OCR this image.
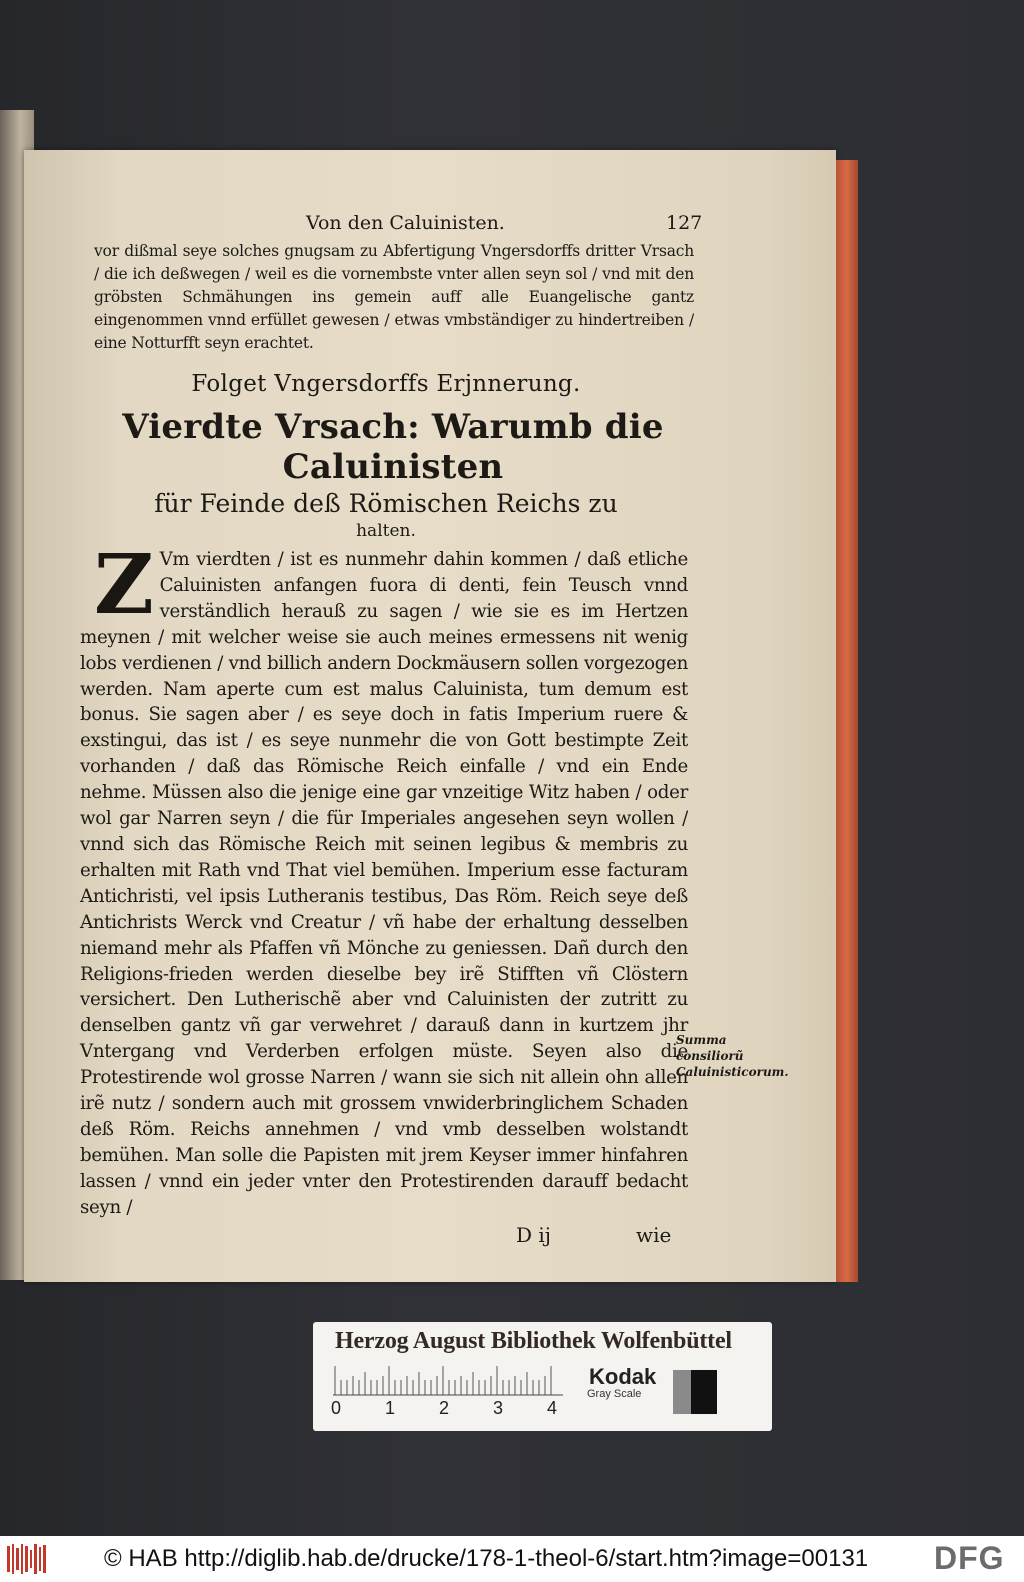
Von den Caluinisten.	127

vor dißmal seye solches gnugsam zu Abfertigung Vngersdorffs dritter Vrsach / die ich deßwegen / weil es die vornembste vnter allen seyn sol / vnd mit den gröbsten Schmähungen ins gemein auff alle Euangelische gantz eingenommen vnnd erfüllet gewesen / etwas vmbständiger zu hindertreiben / eine Notturfft seyn erachtet.

Folget Vngersdorffs Erjnnerung.
Vierdte Vrsach: Warumb die Caluinisten
für Feinde deß Römischen Reichs zu
halten.
Z Vm vierdten / ist es nunmehr dahin kommen / daß etliche Caluinisten anfangen fuora di denti, fein Teusch vnnd verständlich herauß zu sagen / wie sie es im Hertzen meynen / mit welcher weise sie auch meines ermessens nit wenig lobs verdienen / vnd billich andern Dockmäusern sollen vorgezogen werden. Nam aperte cum est malus Caluinista, tum demum est bonus. Sie sagen aber / es seye doch in fatis Imperium ruere & exstingui, das ist / es seye nunmehr die von Gott bestimpte Zeit vorhanden / daß das Römische Reich einfalle / vnd ein Ende nehme. Müssen also die jenige eine gar vnzeitige Witz haben / oder wol gar Narren seyn / die für Imperiales angesehen seyn wollen / vnnd sich das Römische Reich mit seinen legibus & membris zu erhalten mit Rath vnd That viel bemühen. Imperium esse facturam Antichristi, vel ipsis Lutheranis testibus, Das Röm. Reich seye deß Antichrists Werck vnd Creatur / vñ habe der erhaltung desselben niemand mehr als Pfaffen vñ Mönche zu geniessen. Dañ durch den Religions-frieden werden dieselbe bey irẽ Stifften vñ Clöstern versichert. Den Lutherischẽ aber vnd Caluinisten der zutritt zu denselben gantz vñ gar verwehret / darauß dann in kurtzem jhr Vntergang vnd Verderben erfolgen müste. Seyen also die Protestirende wol grosse Narren / wann sie sich nit allein ohn allen irẽ nutz / sondern auch mit grossem vnwiderbringlichem Schaden deß Röm. Reichs annehmen / vnd vmb desselben wolstandt bemühen. Man solle die Papisten mit jrem Keyser immer hinfahren lassen / vnnd ein jeder vnter den Protestirenden darauff bedacht seyn /
D ij	wie
Summa consiliorũ Caluinisticorum.
Herzog August Bibliothek Wolfenbüttel
0 1 2 3 4
Kodak
Gray Scale
© HAB http://diglib.hab.de/drucke/178-1-theol-6/start.htm?image=00131 DFG
